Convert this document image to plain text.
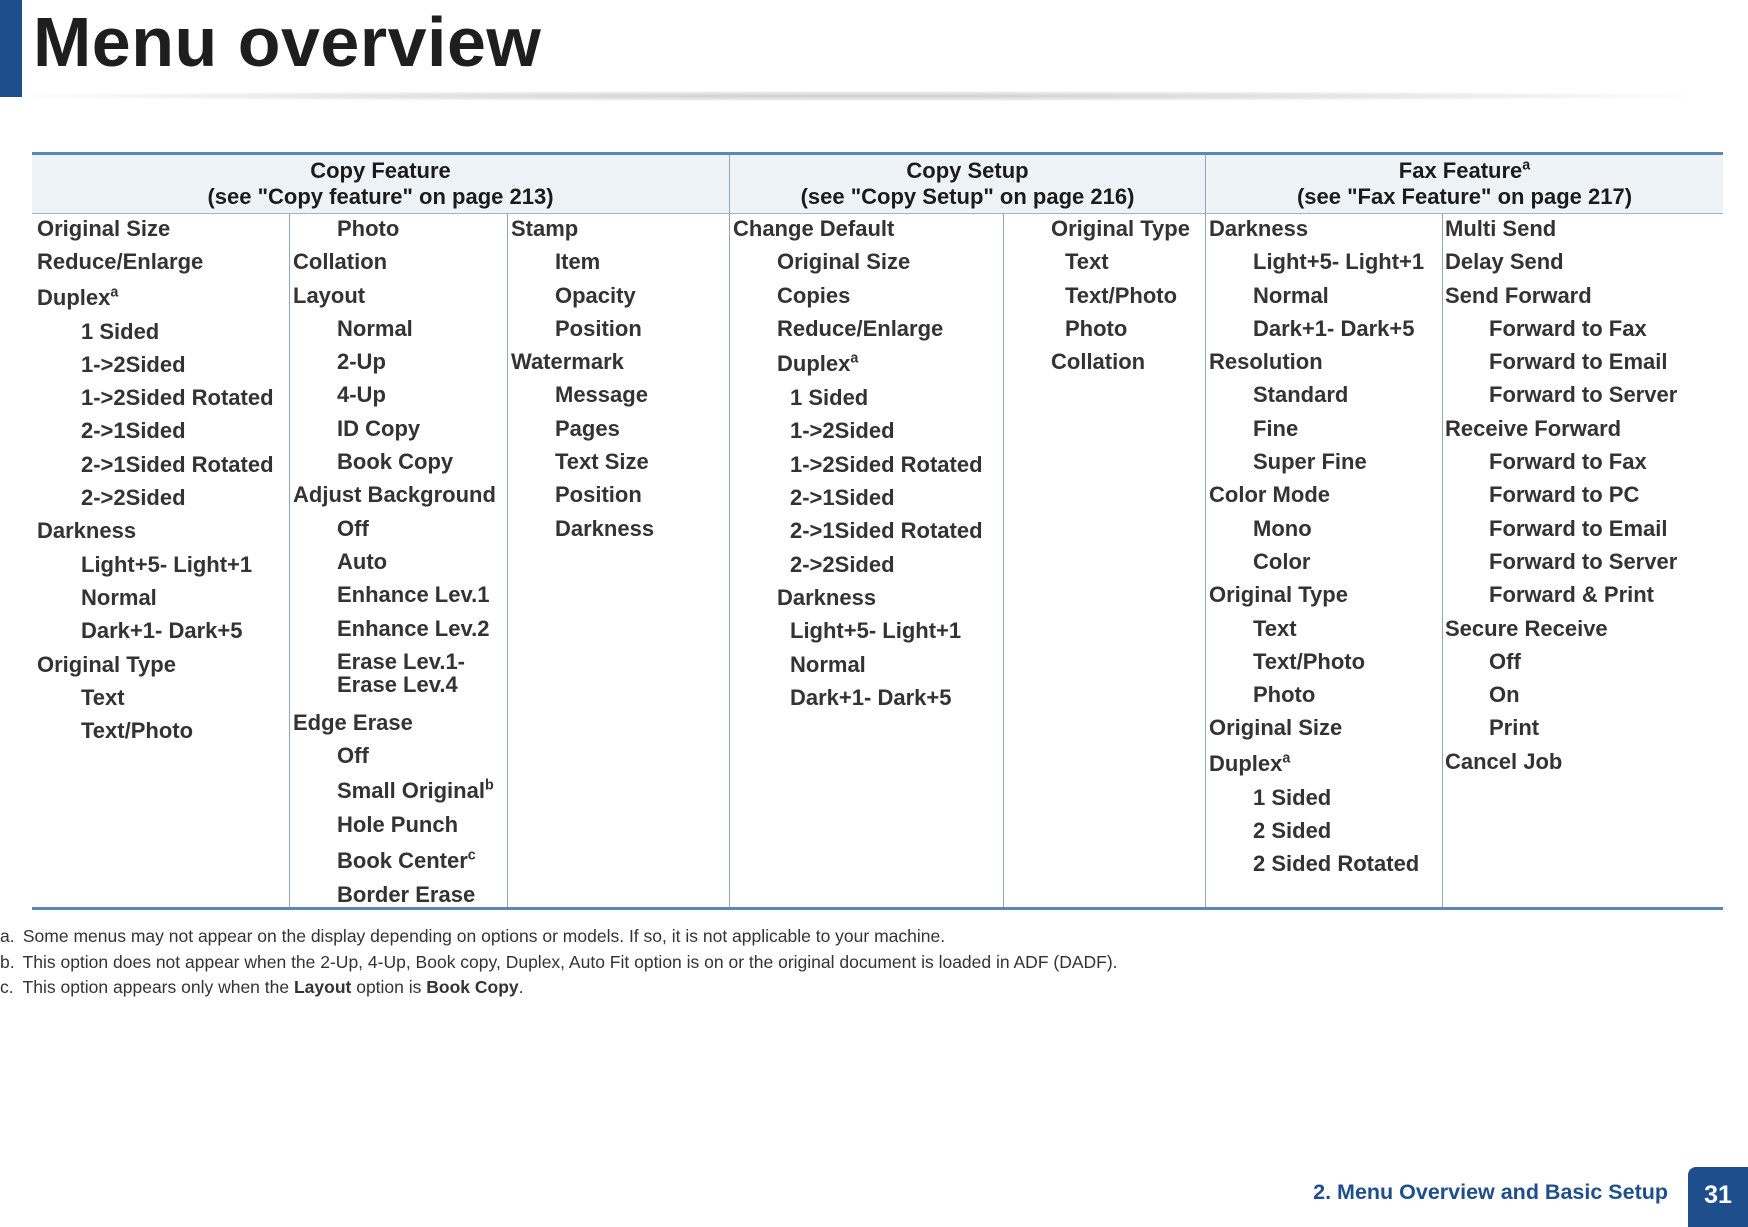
Menu overview
Copy Feature
(see "Copy feature" on page 213)
Copy Setup
(see "Copy Setup" on page 216)
Fax Feature$^a$
(see "Fax Feature" on page 217)
Original Size
Reduce/Enlarge
Duplex$^a$
1 Sided
1->2Sided
1->2Sided Rotated
2->1Sided
2->1Sided Rotated
2->2Sided
Darkness
Light+5- Light+1
Normal
Dark+1- Dark+5
Original Type
Text
Text/Photo
Photo
Collation
Layout
Normal
2-Up
4-Up
ID Copy
Book Copy
Adjust Background
Off
Auto
Enhance Lev.1
Enhance Lev.2
Erase Lev.1- Erase Lev.4
Edge Erase
Off
Small Original$^b$
Hole Punch
Book Center$^c$
Border Erase
Stamp
Item
Opacity
Position
Watermark
Message
Pages
Text Size
Position
Darkness
Change Default
Original Size
Copies
Reduce/Enlarge
Duplex$^a$
1 Sided
1->2Sided
1->2Sided Rotated
2->1Sided
2->1Sided Rotated
2->2Sided
Darkness
Light+5- Light+1
Normal
Dark+1- Dark+5
Original Type
Text
Text/Photo
Photo
Collation
Darkness
Light+5- Light+1
Normal
Dark+1- Dark+5
Resolution
Standard
Fine
Super Fine
Color Mode
Mono
Color
Original Type
Text
Text/Photo
Photo
Original Size
Duplex$^a$
1 Sided
2 Sided
2 Sided Rotated
Multi Send
Delay Send
Send Forward
Forward to Fax
Forward to Email
Forward to Server
Receive Forward
Forward to Fax
Forward to PC
Forward to Email
Forward to Server
Forward & Print
Secure Receive
Off
On
Print
Cancel Job
a. Some menus may not appear on the display depending on options or models. If so, it is not applicable to your machine.
b. This option does not appear when the 2-Up, 4-Up, Book copy, Duplex, Auto Fit option is on or the original document is loaded in ADF (DADF).
c. This option appears only when the Layout option is Book Copy.
2. Menu Overview and Basic Setup	31
